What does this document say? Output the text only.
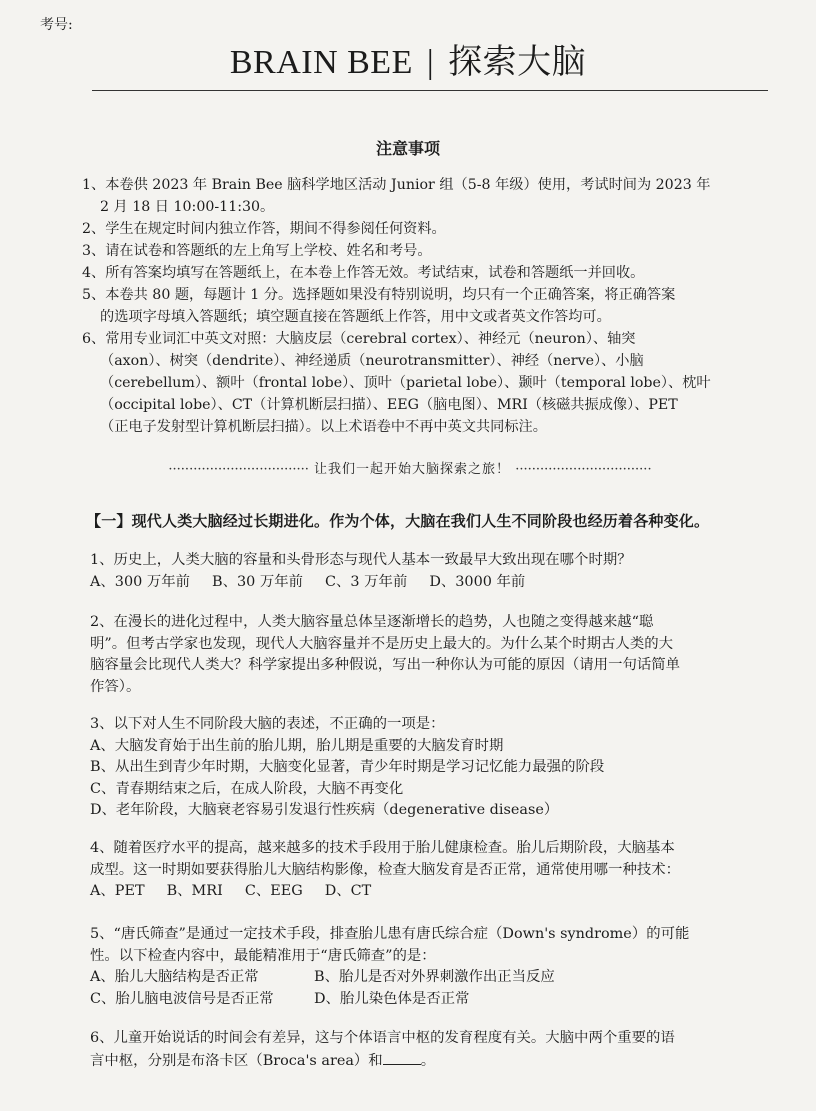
考号:
BRAIN BEE | 探索大脑
注意事项

1、本卷供 2023 年 Brain Bee 脑科学地区活动 Junior 组（5-8 年级）使用，考试时间为 2023 年

2 月 18 日 10:00-11:30。

2、学生在规定时间内独立作答，期间不得参阅任何资料。

3、请在试卷和答题纸的左上角写上学校、姓名和考号。

4、所有答案均填写在答题纸上，在本卷上作答无效。考试结束，试卷和答题纸一并回收。

5、本卷共 80 题，每题计 1 分。选择题如果没有特别说明，均只有一个正确答案，将正确答案

的选项字母填入答题纸；填空题直接在答题纸上作答，用中文或者英文作答均可。

6、常用专业词汇中英文对照：大脑皮层（cerebral cortex）、神经元（neuron）、轴突

（axon）、树突（dendrite）、神经递质（neurotransmitter）、神经（nerve）、小脑

（cerebellum）、额叶（frontal lobe）、顶叶（parietal lobe）、颞叶（temporal lobe）、枕叶

（occipital lobe）、CT（计算机断层扫描）、EEG（脑电图）、MRI（核磁共振成像）、PET

（正电子发射型计算机断层扫描）。以上术语卷中不再中英文共同标注。

·································· 让我们一起开始大脑探索之旅！ ·································
【一】现代人类大脑经过长期进化。作为个体，大脑在我们人生不同阶段也经历着各种变化。

1、历史上，人类大脑的容量和头骨形态与现代人基本一致最早大致出现在哪个时期？

A、300 万年前 B、30 万年前 C、3 万年前 D、3000 年前

2、在漫长的进化过程中，人类大脑容量总体呈逐渐增长的趋势，人也随之变得越来越“聪

明”。但考古学家也发现，现代人大脑容量并不是历史上最大的。为什么某个时期古人类的大

脑容量会比现代人类大？科学家提出多种假说，写出一种你认为可能的原因（请用一句话简单

作答）。

3、以下对人生不同阶段大脑的表述，不正确的一项是：

A、大脑发育始于出生前的胎儿期，胎儿期是重要的大脑发育时期

B、从出生到青少年时期，大脑变化显著，青少年时期是学习记忆能力最强的阶段

C、青春期结束之后，在成人阶段，大脑不再变化

D、老年阶段，大脑衰老容易引发退行性疾病（degenerative disease）

4、随着医疗水平的提高，越来越多的技术手段用于胎儿健康检查。胎儿后期阶段，大脑基本

成型。这一时期如要获得胎儿大脑结构影像，检查大脑发育是否正常，通常使用哪一种技术：

A、PET B、MRI C、EEG D、CT

5、“唐氏筛查”是通过一定技术手段，排查胎儿患有唐氏综合症（Down's syndrome）的可能

性。以下检查内容中，最能精准用于“唐氏筛查”的是：

A、胎儿大脑结构是否正常	B、胎儿是否对外界刺激作出正当反应

C、胎儿脑电波信号是否正常	D、胎儿染色体是否正常

6、儿童开始说话的时间会有差异，这与个体语言中枢的发育程度有关。大脑中两个重要的语

言中枢，分别是布洛卡区（Broca's area）和	。
